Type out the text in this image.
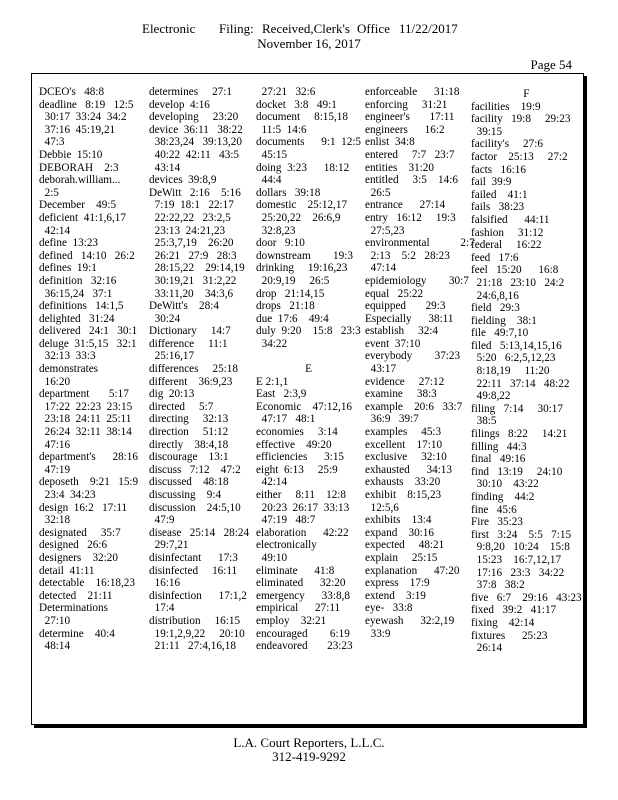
Electronic Filing: Received,Clerk's Office 11/22/2017
November 16, 2017
Page 54
DCEO's   48:8
deadline   8:19   12:5
30:17  33:24  34:2
37:16  45:19,21
47:3
Debbie  15:10
DEBORAH    2:3
deborah.william...
2:5
December    49:5
deficient  41:1,6,17
42:14
define  13:23
defined   14:10   26:2
defines  19:1
definition   32:16
36:15,24   37:1
definitions   14:1,5
delighted   31:24
delivered   24:1   30:1
deluge  31:5,15   32:1
32:13  33:3
demonstrates
16:20
department       5:17
17:22  22:23  23:15
23:18  24:11  25:11
26:24  32:11  38:14
47:16
department's      28:16
47:19
deposeth    9:21   15:9
23:4  34:23
design  16:2   17:11
32:18
designated     35:7
designed   26:6
designers    32:20
detail  41:11
detectable    16:18,23
detected    21:11
Determinations
27:10
determine    40:4
48:14
determines     27:1
develop  4:16
developing     23:20
device  36:11   38:22
38:23,24   39:13,20
40:22  42:11   43:5
43:14
devices  39:8,9
DeWitt   2:16    5:16
7:19  18:1   22:17
22:22,22   23:2,5
23:13  24:21,23
25:3,7,19    26:20
26:21   27:9   28:3
28:15,22    29:14,19
30:19,21   31:2,22
33:11,20    34:3,6
DeWitt's    28:4
30:24
Dictionary     14:7
difference     11:1
25:16,17
differences     25:18
different    36:9,23
dig  20:13
directed     5:7
directing     32:13
direction     51:12
directly    38:4,18
discourage    13:1
discuss   7:12    47:2
discussed    48:18
discussing    9:4
discussion    24:5,10
47:9
disease   25:14   28:24
29:7,21
disinfectant      17:3
disinfected     16:11
16:16
disinfection      17:1,2
17:4
distribution     16:15
19:1,2,9,22     20:10
21:11   27:4,16,18
27:21   32:6
docket   3:8   49:1
document     8:15,18
11:5  14:6
documents      9:1  12:5
45:15
doing  3:23      18:12
44:4
dollars   39:18
domestic    25:12,17
25:20,22    26:6,9
32:8,23
door   9:10
downstream        19:3
drinking     19:16,23
20:9,19     26:5
drop   21:14,15
drops   21:18
due  17:6    49:4
duly  9:20    15:8   23:3
34:22

E
E 2:1,1
East   2:3,9
Economic    47:12,16
47:17   48:1
economies     3:14
effective    49:20
efficiencies      3:15
eight  6:13     25:9
42:14
either     8:11    12:8
20:23  26:17  33:13
47:19   48:7
elaboration      42:22
electronically
49:10
eliminate      41:8
eliminated      32:20
emergency      33:8,8
empirical      27:11
employ    32:21
encouraged        6:19
endeavored       23:23
enforceable      31:18
enforcing     31:21
engineer's       17:11
engineers      16:2
enlist  34:8
entered     7:7   23:7
entities    31:20
entitled     3:5    14:6
26:5
entrance      27:14
entry   16:12     19:3
27:5,23
environmental           2:7
2:13    5:2   28:23
47:14
epidemiology        30:7
equal   25:22
equipped       29:3
Especially      38:11
establish     32:4
event  37:10
everybody        37:23
43:17
evidence     27:12
examine     38:3
example    20:6   33:7
36:9   39:7
examples     45:3
excellent    17:10
exclusive     32:10
exhausted      34:13
exhausts    33:20
exhibit    8:15,23
12:5,6
exhibits    13:4
expand    30:16
expected     48:21
explain     25:15
explanation      47:20
express    17:9
extend    3:19
eye-   33:8
eyewash      32:2,19
33:9
F
facilities    19:9
facility   19:8     29:23
39:15
facility's     27:6
factor    25:13     27:2
facts   16:16
fail  39:9
failed    41:1
fails   38:23
falsified      44:11
fashion     31:12
federal     16:22
feed   17:6
feel   15:20      16:8
21:18   23:10   24:2
24:6,8,16
field   29:3
fielding    38:1
file   49:7,10
filed   5:13,14,15,16
5:20   6:2,5,12,23
8:18,19     11:20
22:11   37:14   48:22
49:8,22
filing   7:14     30:17
38:5
filings   8:22     14:21
filling   44:3
final   49:16
find   13:19     24:10
30:10    43:22
finding    44:2
fine   45:6
Fire   35:23
first   3:24    5:5   7:15
9:8,20   10:24    15:8
15:23    16:7,12,17
17:16   23:3   34:22
37:8   38:2
five   6:7    29:16   43:23
fixed   39:2   41:17
fixing    42:14
fixtures      25:23
26:14
L.A. Court Reporters, L.L.C.
312-419-9292
